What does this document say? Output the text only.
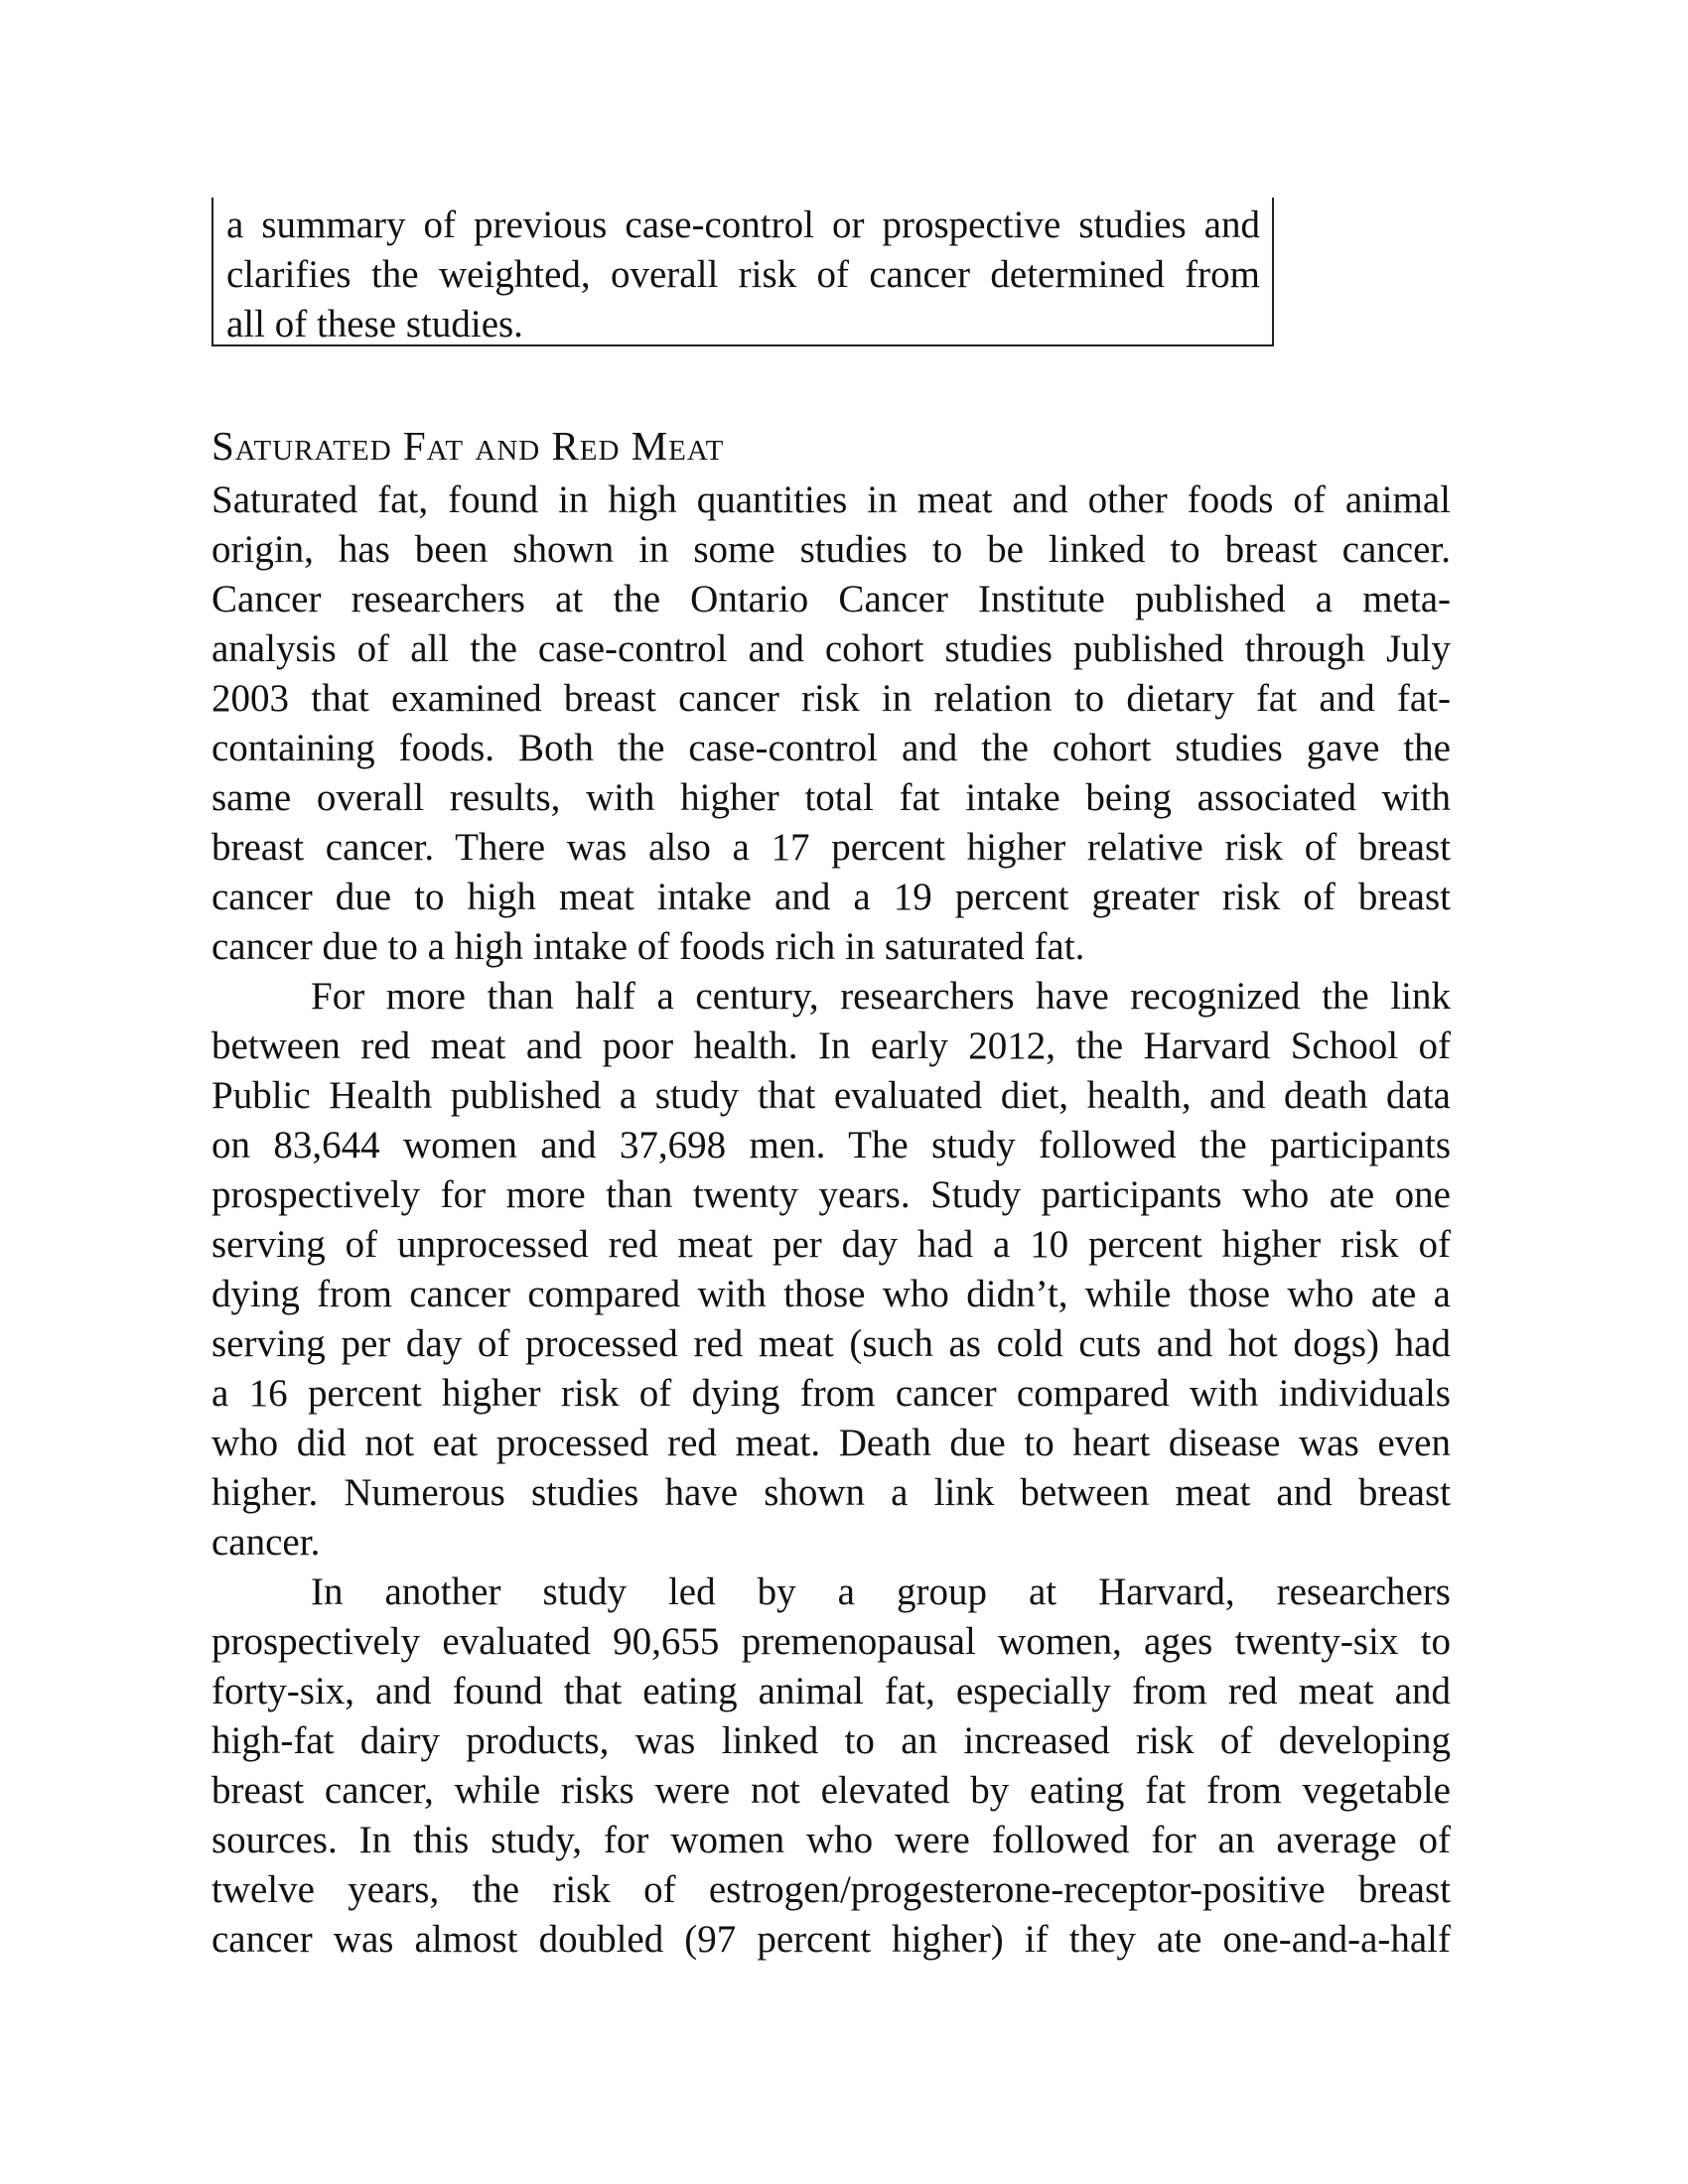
a summary of previous case-control or prospective studies and
clarifies the weighted, overall risk of cancer determined from
all of these studies.
Saturated Fat and Red Meat
Saturated fat, found in high quantities in meat and other foods of animal
origin, has been shown in some studies to be linked to breast cancer.
Cancer researchers at the Ontario Cancer Institute published a meta-
analysis of all the case-control and cohort studies published through July
2003 that examined breast cancer risk in relation to dietary fat and fat-
containing foods. Both the case-control and the cohort studies gave the
same overall results, with higher total fat intake being associated with
breast cancer. There was also a 17 percent higher relative risk of breast
cancer due to high meat intake and a 19 percent greater risk of breast
cancer due to a high intake of foods rich in saturated fat.
For more than half a century, researchers have recognized the link
between red meat and poor health. In early 2012, the Harvard School of
Public Health published a study that evaluated diet, health, and death data
on 83,644 women and 37,698 men. The study followed the participants
prospectively for more than twenty years. Study participants who ate one
serving of unprocessed red meat per day had a 10 percent higher risk of
dying from cancer compared with those who didn’t, while those who ate a
serving per day of processed red meat (such as cold cuts and hot dogs) had
a 16 percent higher risk of dying from cancer compared with individuals
who did not eat processed red meat. Death due to heart disease was even
higher. Numerous studies have shown a link between meat and breast
cancer.
In another study led by a group at Harvard, researchers
prospectively evaluated 90,655 premenopausal women, ages twenty-six to
forty-six, and found that eating animal fat, especially from red meat and
high-fat dairy products, was linked to an increased risk of developing
breast cancer, while risks were not elevated by eating fat from vegetable
sources. In this study, for women who were followed for an average of
twelve years, the risk of estrogen/progesterone-receptor-positive breast
cancer was almost doubled (97 percent higher) if they ate one-and-a-half
